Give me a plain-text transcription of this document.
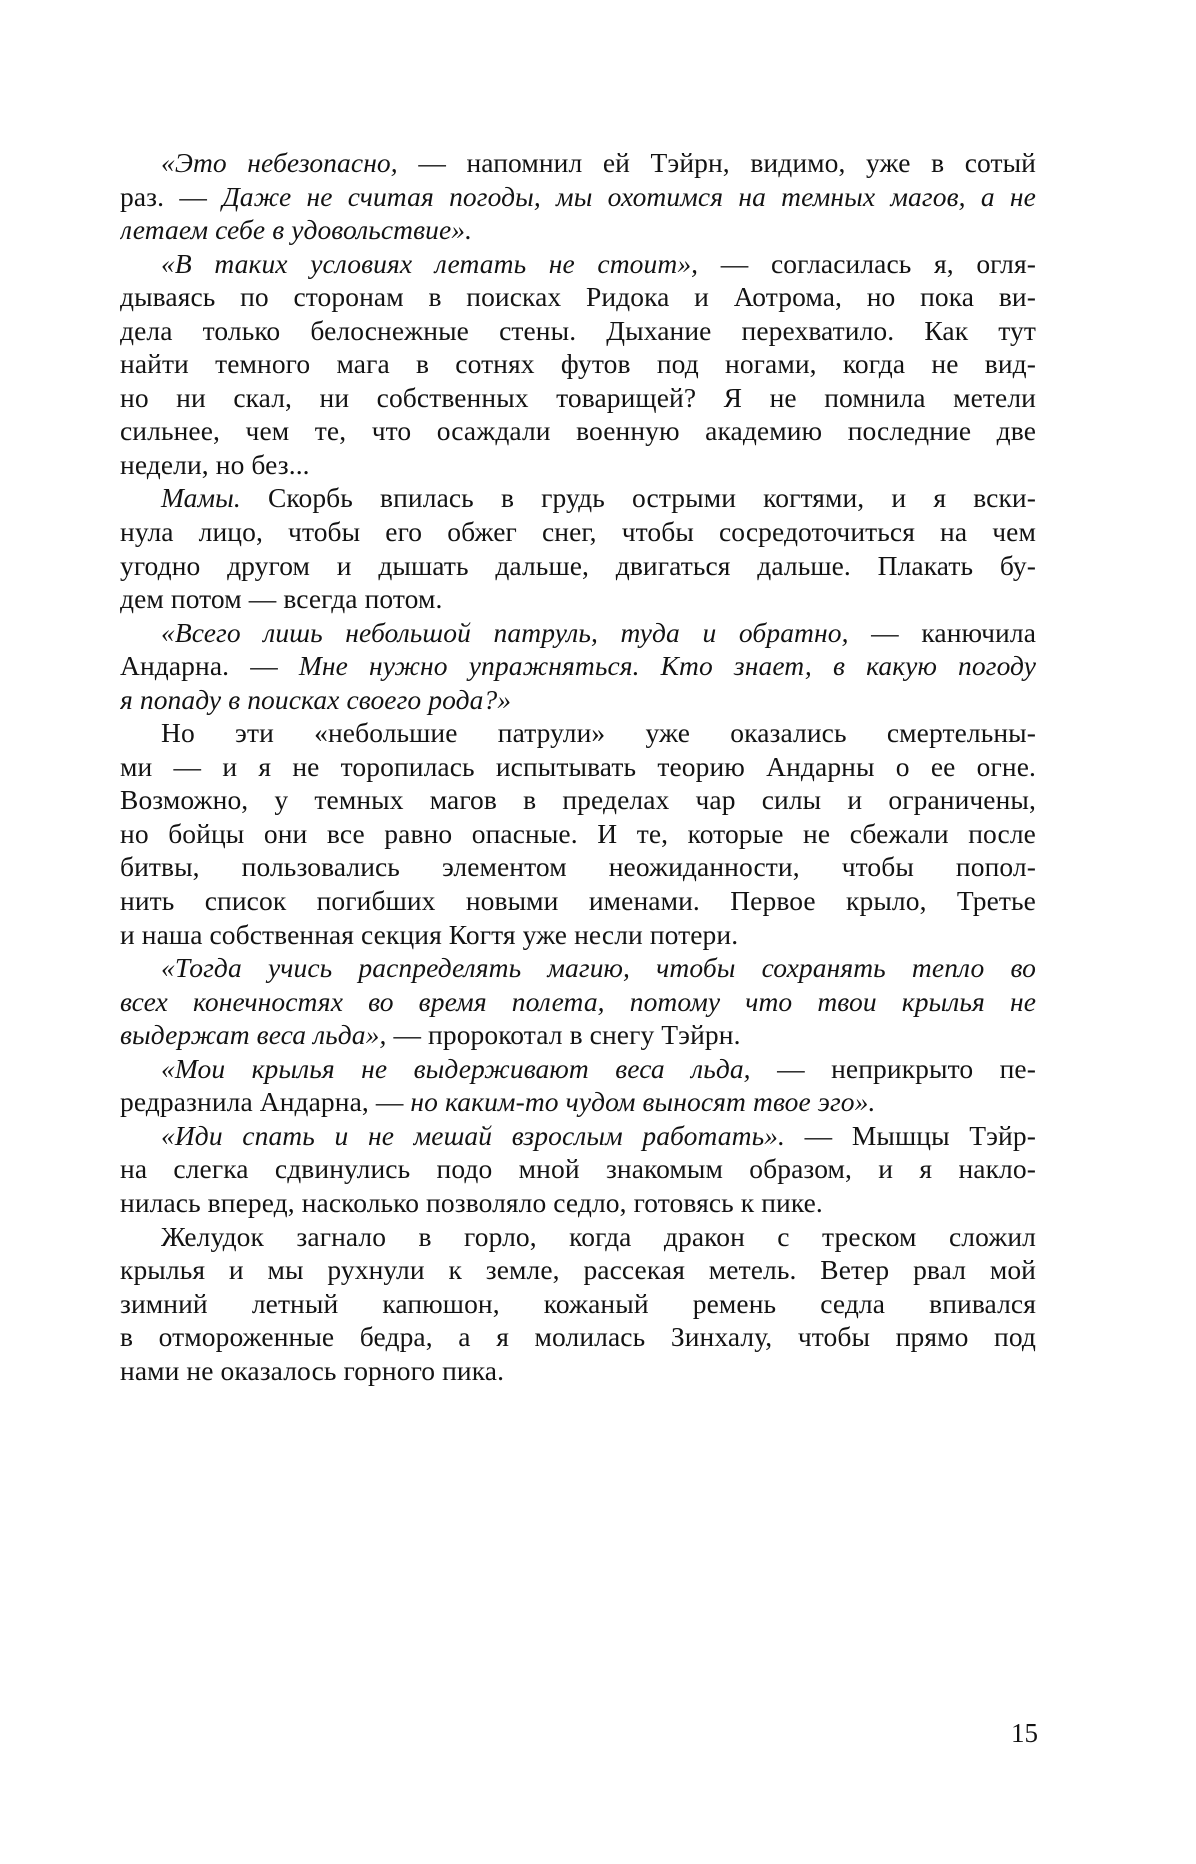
«Это небезопасно, — напомнил ей Тэйрн, видимо, уже в сотый
раз. — Даже не считая погоды, мы охотимся на темных магов, а не
летаем себе в удовольствие».
«В таких условиях летать не стоит», — согласилась я, огля-
дываясь по сторонам в поисках Ридока и Аотрома, но пока ви-
дела только белоснежные стены. Дыхание перехватило. Как тут
найти темного мага в сотнях футов под ногами, когда не вид-
но ни скал, ни собственных товарищей? Я не помнила метели
сильнее, чем те, что осаждали военную академию последние две
недели, но без...
Мамы. Скорбь впилась в грудь острыми когтями, и я вски-
нула лицо, чтобы его обжег снег, чтобы сосредоточиться на чем
угодно другом и дышать дальше, двигаться дальше. Плакать бу-
дем потом — всегда потом.
«Всего лишь небольшой патруль, туда и обратно, — канючила
Андарна. — Мне нужно упражняться. Кто знает, в какую погоду
я попаду в поисках своего рода?»
Но эти «небольшие патрули» уже оказались смертельны-
ми — и я не торопилась испытывать теорию Андарны о ее огне.
Возможно, у темных магов в пределах чар силы и ограничены,
но бойцы они все равно опасные. И те, которые не сбежали после
битвы, пользовались элементом неожиданности, чтобы попол-
нить список погибших новыми именами. Первое крыло, Третье
и наша собственная секция Когтя уже несли потери.
«Тогда учись распределять магию, чтобы сохранять тепло во
всех конечностях во время полета, потому что твои крылья не
выдержат веса льда», — пророкотал в снегу Тэйрн.
«Мои крылья не выдерживают веса льда, — неприкрыто пе-
редразнила Андарна, — но каким-то чудом выносят твое эго».
«Иди спать и не мешай взрослым работать». — Мышцы Тэйр-
на слегка сдвинулись подо мной знакомым образом, и я накло-
нилась вперед, насколько позволяло седло, готовясь к пике.
Желудок загнало в горло, когда дракон с треском сложил
крылья и мы рухнули к земле, рассекая метель. Ветер рвал мой
зимний летный капюшон, кожаный ремень седла впивался
в отмороженные бедра, а я молилась Зинхалу, чтобы прямо под
нами не оказалось горного пика.
15
